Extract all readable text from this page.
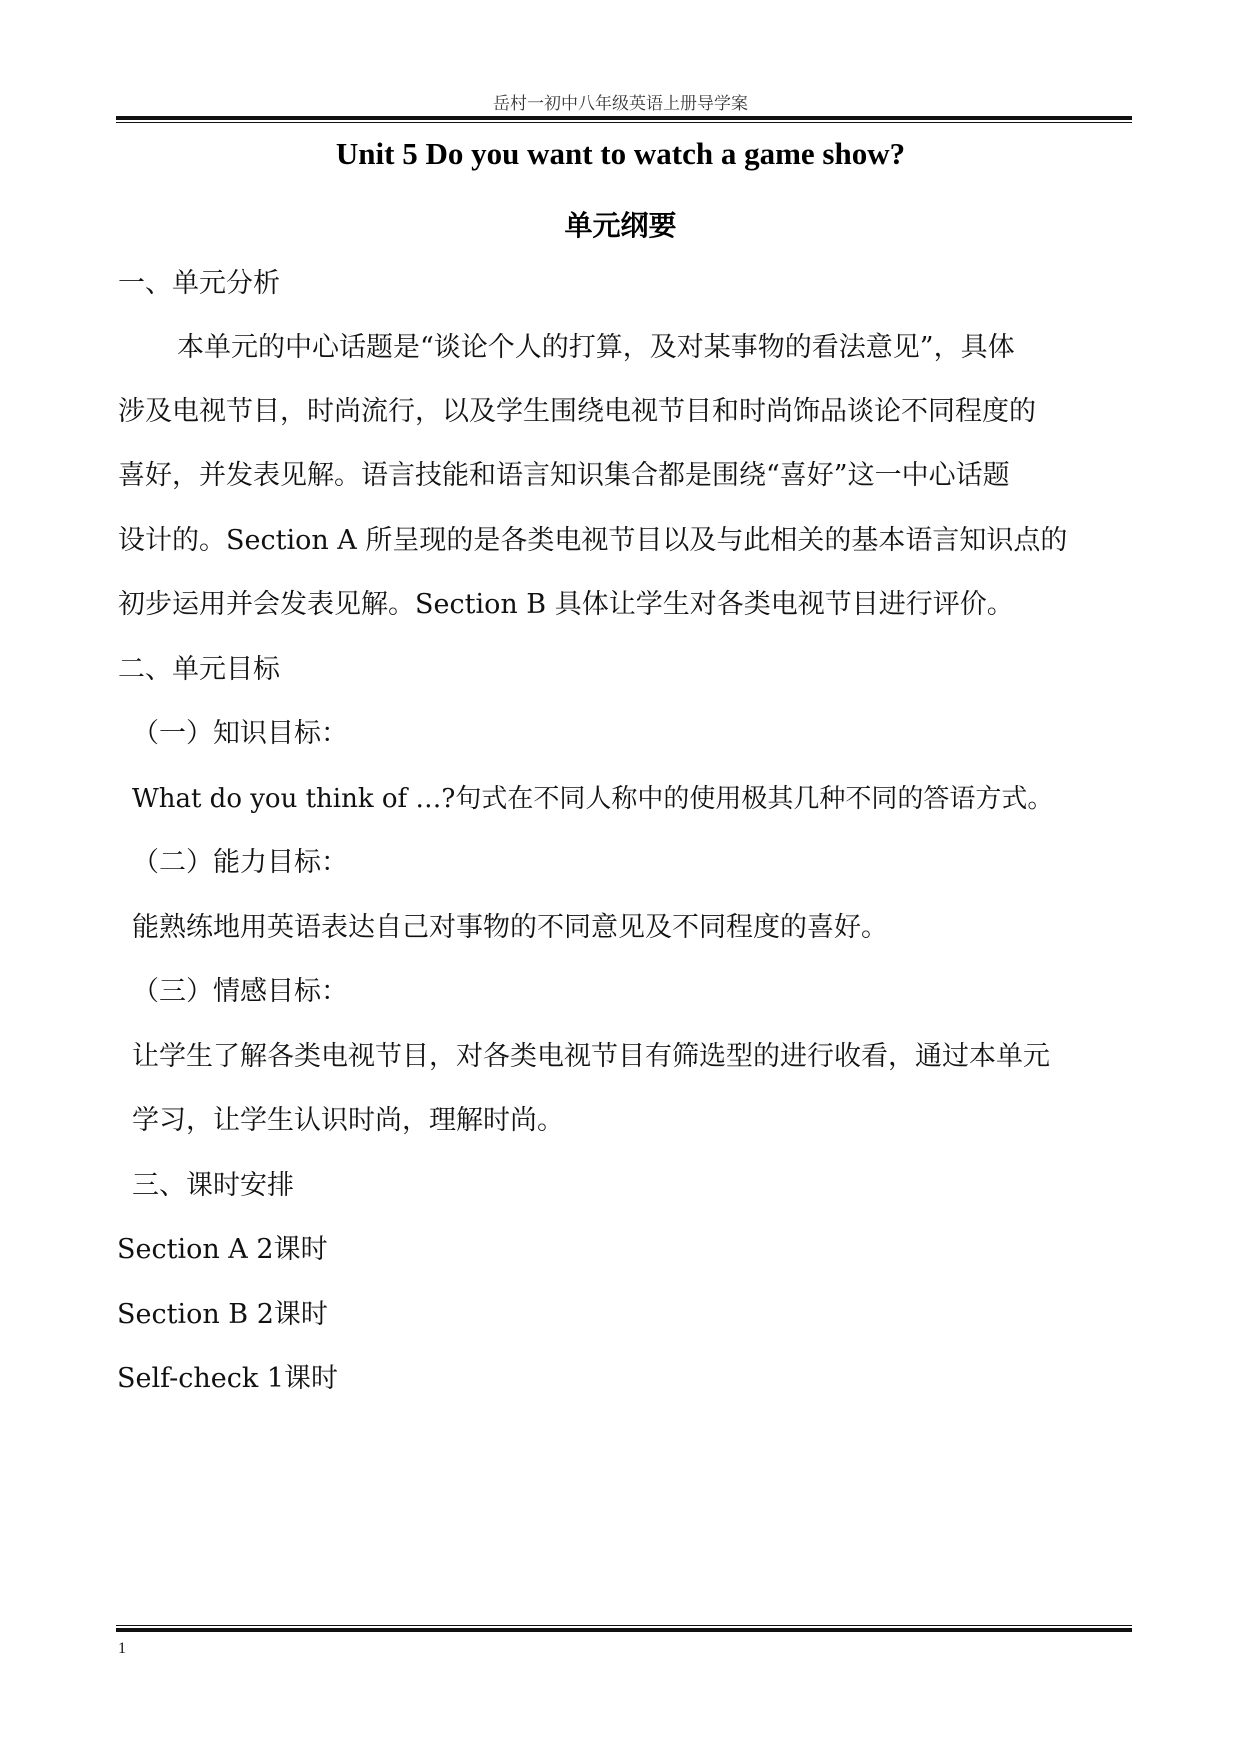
岳村一初中八年级英语上册导学案
Unit 5 Do you want to watch a game show?
单元纲要
一、单元分析
本单元的中心话题是“谈论个人的打算，及对某事物的看法意见”，具体
涉及电视节目，时尚流行，以及学生围绕电视节目和时尚饰品谈论不同程度的
喜好，并发表见解。语言技能和语言知识集合都是围绕“喜好”这一中心话题
设计的。Section A 所呈现的是各类电视节目以及与此相关的基本语言知识点的
初步运用并会发表见解。Section B 具体让学生对各类电视节目进行评价。
二、单元目标
（一）知识目标：
What do you think of …?句式在不同人称中的使用极其几种不同的答语方式。
（二）能力目标：
能熟练地用英语表达自己对事物的不同意见及不同程度的喜好。
（三）情感目标：
让学生了解各类电视节目，对各类电视节目有筛选型的进行收看，通过本单元
学习，让学生认识时尚，理解时尚。
三、课时安排
Section A 2课时
Section B 2课时
Self-check 1课时
1
